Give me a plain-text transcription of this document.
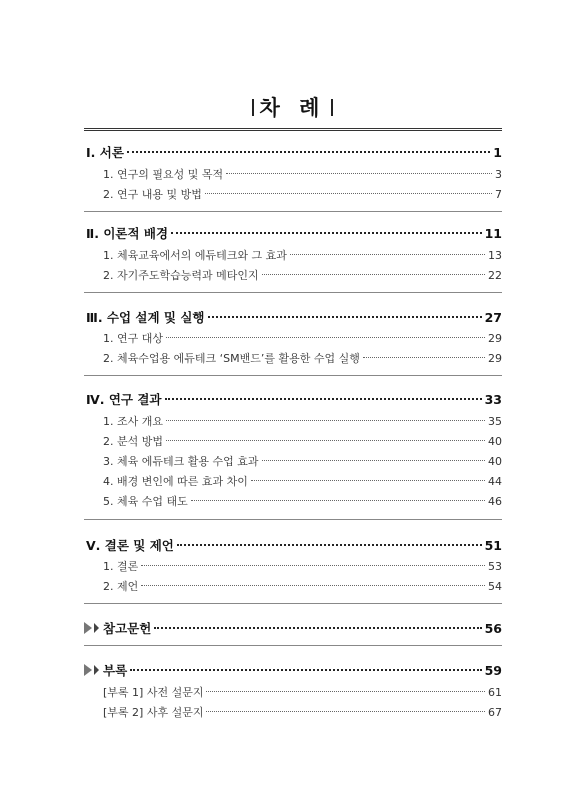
차 례
Ⅰ. 서론	1
1. 연구의 필요성 및 목적	3
2. 연구 내용 및 방법	7
Ⅱ. 이론적 배경	11
1. 체육교육에서의 에듀테크와 그 효과	13
2. 자기주도학습능력과 메타인지	22
Ⅲ. 수업 설계 및 실행	27
1. 연구 대상	29
2. 체육수업용 에듀테크 ‘SM밴드’를 활용한 수업 실행	29
Ⅳ. 연구 결과	33
1. 조사 개요	35
2. 분석 방법	40
3. 체육 에듀테크 활용 수업 효과	40
4. 배경 변인에 따른 효과 차이	44
5. 체육 수업 태도	46
Ⅴ. 결론 및 제언	51
1. 결론	53
2. 제언	54
참고문헌	56
부록	59
[부록 1] 사전 설문지	61
[부록 2] 사후 설문지	67
